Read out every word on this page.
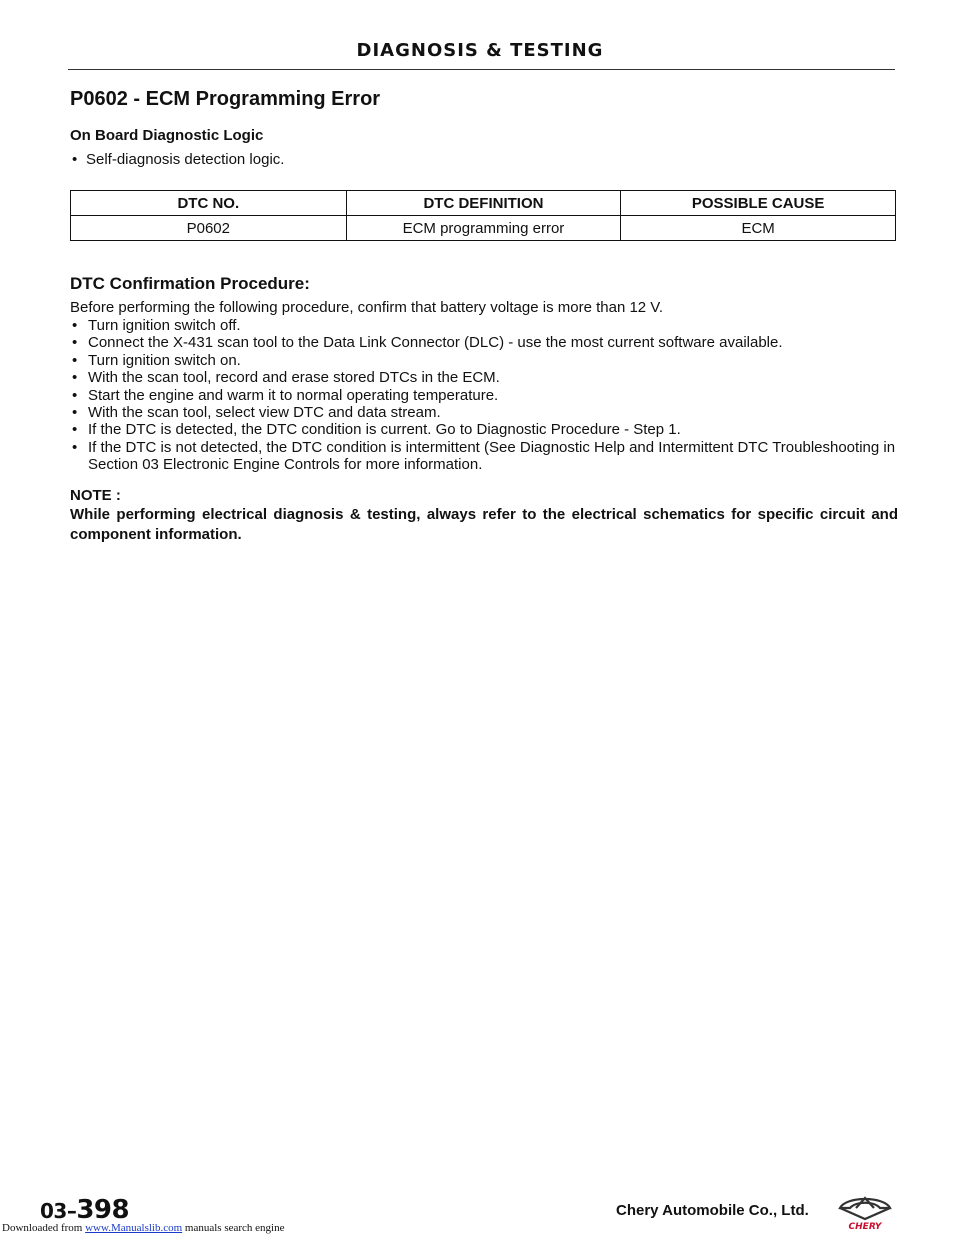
DIAGNOSIS & TESTING
P0602 - ECM Programming Error
On Board Diagnostic Logic
• Self-diagnosis detection logic.
DTC NO.	DTC DEFINITION	POSSIBLE CAUSE
P0602	ECM programming error	ECM
DTC Confirmation Procedure:

Before performing the following procedure, confirm that battery voltage is more than 12 V.

• Turn ignition switch off.
• Connect the X-431 scan tool to the Data Link Connector (DLC) - use the most current software available.
• Turn ignition switch on.
• With the scan tool, record and erase stored DTCs in the ECM.
• Start the engine and warm it to normal operating temperature.
• With the scan tool, select view DTC and data stream.
• If the DTC is detected, the DTC condition is current. Go to Diagnostic Procedure - Step 1.
• If the DTC is not detected, the DTC condition is intermittent (See Diagnostic Help and Intermittent DTC Troubleshooting in Section 03 Electronic Engine Controls for more information.

NOTE :

While performing electrical diagnosis & testing, always refer to the electrical schematics for specific circuit and component information.

03–398	Chery Automobile Co., Ltd.
CHERY
Downloaded from www.Manualslib.com manuals search engine
